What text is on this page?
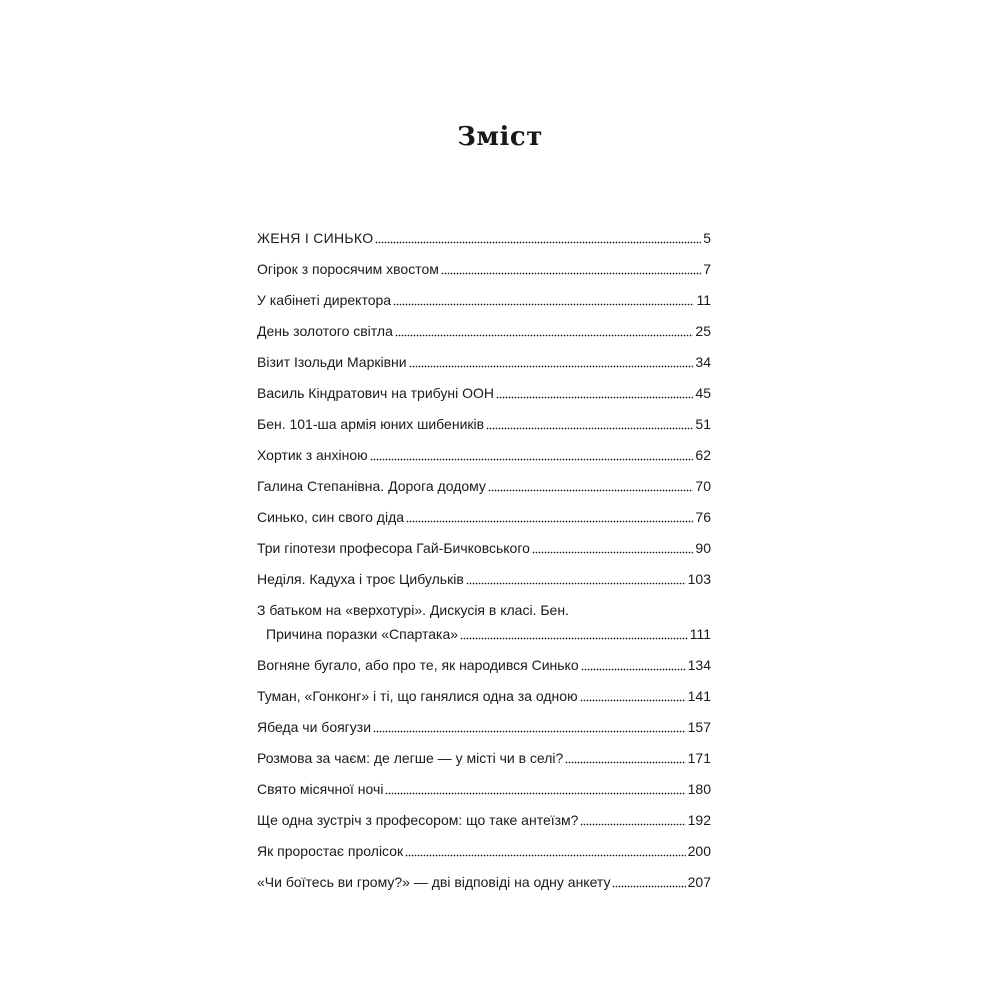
Зміст
ЖЕНЯ І СИНЬКО	5
Огірок з поросячим хвостом	7
У кабінеті директора	11
День золотого світла	25
Візит Ізольди Марківни	34
Василь Кіндратович на трибуні ООН	45
Бен. 101-ша армія юних шибеників	51
Хортик з анхіною	62
Галина Степанівна. Дорога додому	70
Синько, син свого діда	76
Три гіпотези професора Гай-Бичковського	90
Неділя. Кадуха і троє Цибульків	103
З батьком на «верхотурі». Дискусія в класі. Бен.
Причина поразки «Спартака»	111
Вогняне бугало, або про те, як народився Синько	134
Туман, «Гонконг» і ті, що ганялися одна за одною	141
Ябеда чи боягузи	157
Розмова за чаєм: де легше — у місті чи в селі?	171
Свято місячної ночі	180
Ще одна зустріч з професором: що таке антеїзм?	192
Як проростає пролісок	200
«Чи боїтесь ви грому?» — дві відповіді на одну анкету	207
